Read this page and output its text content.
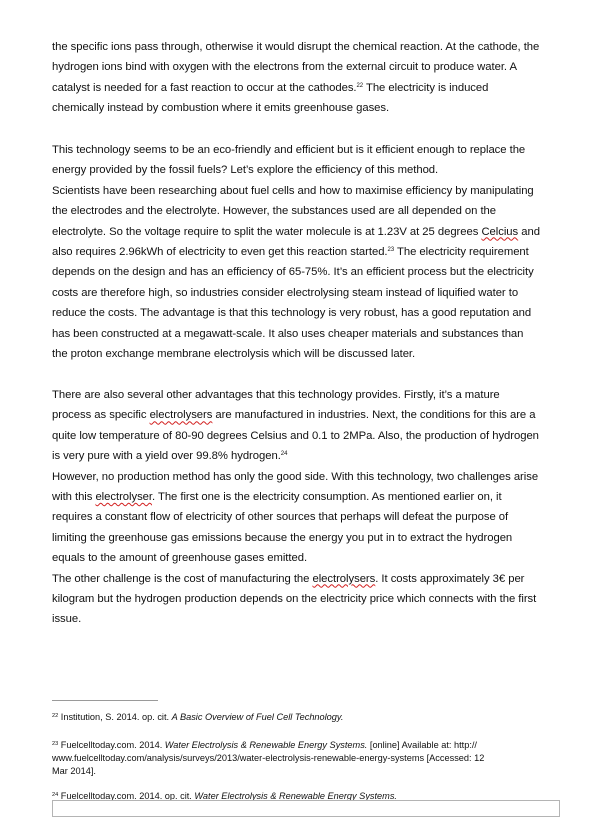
the specific ions pass through, otherwise it would disrupt the chemical reaction. At the cathode, the

hydrogen ions bind with oxygen with the electrons from the external circuit to produce water. A

catalyst is needed for a fast reaction to occur at the cathodes.$^{22}$ The electricity is induced

chemically instead by combustion where it emits greenhouse gases.

This technology seems to be an eco-friendly and efficient but is it efficient enough to replace the

energy provided by the fossil fuels? Let’s explore the efficiency of this method.

Scientists have been researching about fuel cells and how to maximise efficiency by manipulating

the electrodes and the electrolyte. However, the substances used are all depended on the

electrolyte. So the voltage require to split the water molecule is at 1.23V at 25 degrees Celcius and

also requires 2.96kWh of electricity to even get this reaction started.$^{23}$ The electricity requirement

depends on the design and has an efficiency of 65-75%. It’s an efficient process but the electricity

costs are therefore high, so industries consider electrolysing steam instead of liquified water to

reduce the costs. The advantage is that this technology is very robust, has a good reputation and

has been constructed at a megawatt-scale. It also uses cheaper materials and substances than

the proton exchange membrane electrolysis which will be discussed later.

There are also several other advantages that this technology provides. Firstly, it’s a mature

process as specific electrolysers are manufactured in industries. Next, the conditions for this are a

quite low temperature of 80-90 degrees Celsius and 0.1 to 2MPa. Also, the production of hydrogen

is very pure with a yield over 99.8% hydrogen.$^{24}$

However, no production method has only the good side. With this technology, two challenges arise

with this electrolyser. The first one is the electricity consumption. As mentioned earlier on, it

requires a constant flow of electricity of other sources that perhaps will defeat the purpose of

limiting the greenhouse gas emissions because the energy you put in to extract the hydrogen

equals to the amount of greenhouse gases emitted.

The other challenge is the cost of manufacturing the electrolysers. It costs approximately 3€ per

kilogram but the hydrogen production depends on the electricity price which connects with the first

issue.

$^{22}$ Institution, S. 2014. op. cit. A Basic Overview of Fuel Cell Technology.
$^{23}$ Fuelcelltoday.com. 2014. Water Electrolysis & Renewable Energy Systems. [online] Available at: http://
www.fuelcelltoday.com/analysis/surveys/2013/water-electrolysis-renewable-energy-systems [Accessed: 12
Mar 2014].
$^{24}$ Fuelcelltoday.com. 2014. op. cit. Water Electrolysis & Renewable Energy Systems.
